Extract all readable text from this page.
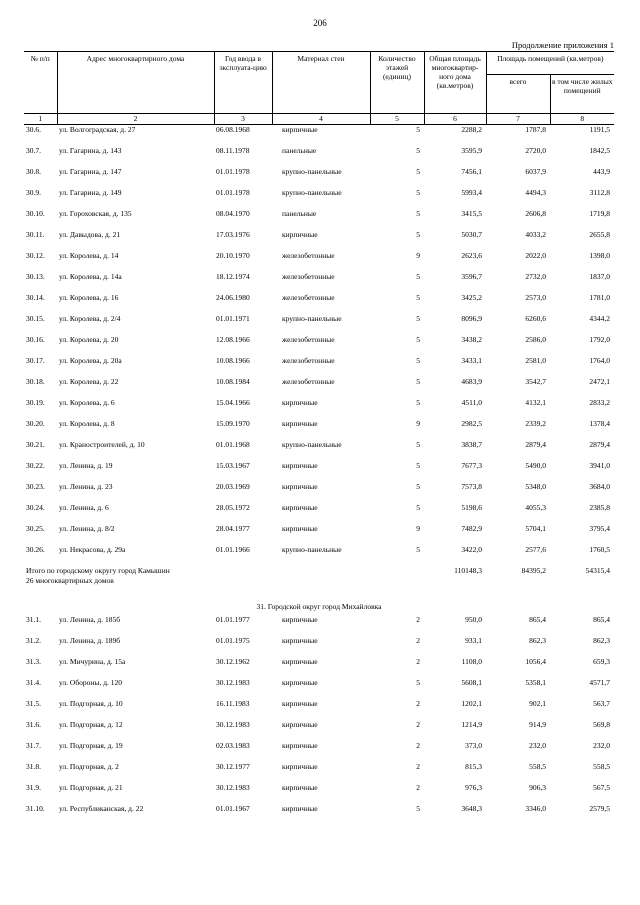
206
Продолжение приложения 1
№ п/п	Адрес многоквартирного дома	Год ввода в эксплуата-цию	Материал стен	Количество этажей (единиц)	Общая площадь многоквартир-ного дома (кв.метров)	Площадь помещений (кв.метров)	
						всего	в том числе жилых помещений
1	2	3	4	5	6	7	8
30.6.	ул. Волгоградская, д. 27	06.08.1968	кирпичные	5	2288,2	1787,8	1191,5
30.7.	ул. Гагарина, д. 143	08.11.1978	панельные	5	3595,9	2720,0	1842,5
30.8.	ул. Гагарина, д. 147	01.01.1978	крупно-панельные	5	7456,1	6037,9	443,9
30.9.	ул. Гагарина, д. 149	01.01.1978	крупно-панельные	5	5993,4	4494,3	3112,8
30.10.	ул. Гороховская, д. 135	08.04.1970	панельные	5	3415,5	2606,8	1719,8
30.11.	ул. Давыдова, д. 21	17.03.1976	кирпичные	5	5030,7	4033,2	2655,8
30.12.	ул. Королева, д. 14	20.10.1970	железобетонные	9	2623,6	2022,0	1398,0
30.13.	ул. Королева, д. 14а	18.12.1974	железобетонные	5	3596,7	2732,0	1837,0
30.14.	ул. Королева, д. 16	24.06.1980	железобетонные	5	3425,2	2573,0	1781,0
30.15.	ул. Королева, д. 2/4	01.01.1971	крупно-панельные	5	8096,9	6260,6	4344,2
30.16.	ул. Королева, д. 20	12.08.1966	железобетонные	5	3438,2	2586,0	1792,0
30.17.	ул. Королева, д. 20а	10.08.1966	железобетонные	5	3433,1	2581,0	1764,0
30.18.	ул. Королева, д. 22	10.08.1984	железобетонные	5	4683,9	3542,7	2472,1
30.19.	ул. Королева, д. 6	15.04.1966	кирпичные	5	4511,0	4132,1	2833,2
30.20.	ул. Королева, д. 8	15.09.1970	кирпичные	9	2982,5	2339,2	1378,4
30.21.	ул. Краностроителей, д. 10	01.01.1968	крупно-панельные	5	3838,7	2879,4	2879,4
30.22.	ул. Ленина, д. 19	15.03.1967	кирпичные	5	7677,3	5490,0	3941,0
30.23.	ул. Ленина, д. 23	20.03.1969	кирпичные	5	7573,8	5348,0	3684,0
30.24.	ул. Ленина, д. 6	28.05.1972	кирпичные	5	5198,6	4055,3	2385,8
30.25.	ул. Ленина, д. 8/2	28.04.1977	кирпичные	9	7482,9	5704,1	3795,4
30.26.	ул. Некрасова, д. 29а	01.01.1966	крупно-панельные	5	3422,0	2577,6	1760,5
Итого по городскому округу город Камышин
26 многоквартирных домов					110148,3	84395,2	54315,4
31. Городской округ город Михайловка							
31.1.	ул. Ленина, д. 185б	01.01.1977	кирпичные	2	950,0	865,4	865,4
31.2.	ул. Ленина, д. 189б	01.01.1975	кирпичные	2	933,1	862,3	862,3
31.3.	ул. Мичурина, д. 15а	30.12.1962	кирпичные	2	1108,0	1056,4	659,3
31.4.	ул. Обороны, д. 120	30.12.1983	кирпичные	5	5608,1	5358,1	4571,7
31.5.	ул. Подгорная, д. 10	16.11.1983	кирпичные	2	1202,1	902,1	563,7
31.6.	ул. Подгорная, д. 12	30.12.1983	кирпичные	2	1214,9	914,9	569,8
31.7.	ул. Подгорная, д. 19	02.03.1983	кирпичные	2	373,0	232,0	232,0
31.8.	ул. Подгорная, д. 2	30.12.1977	кирпичные	2	815,3	558,5	558,5
31.9.	ул. Подгорная, д. 21	30.12.1983	кирпичные	2	976,3	906,3	567,5
31.10.	ул. Республиканская, д. 22	01.01.1967	кирпичные	5	3648,3	3346,0	2579,5
